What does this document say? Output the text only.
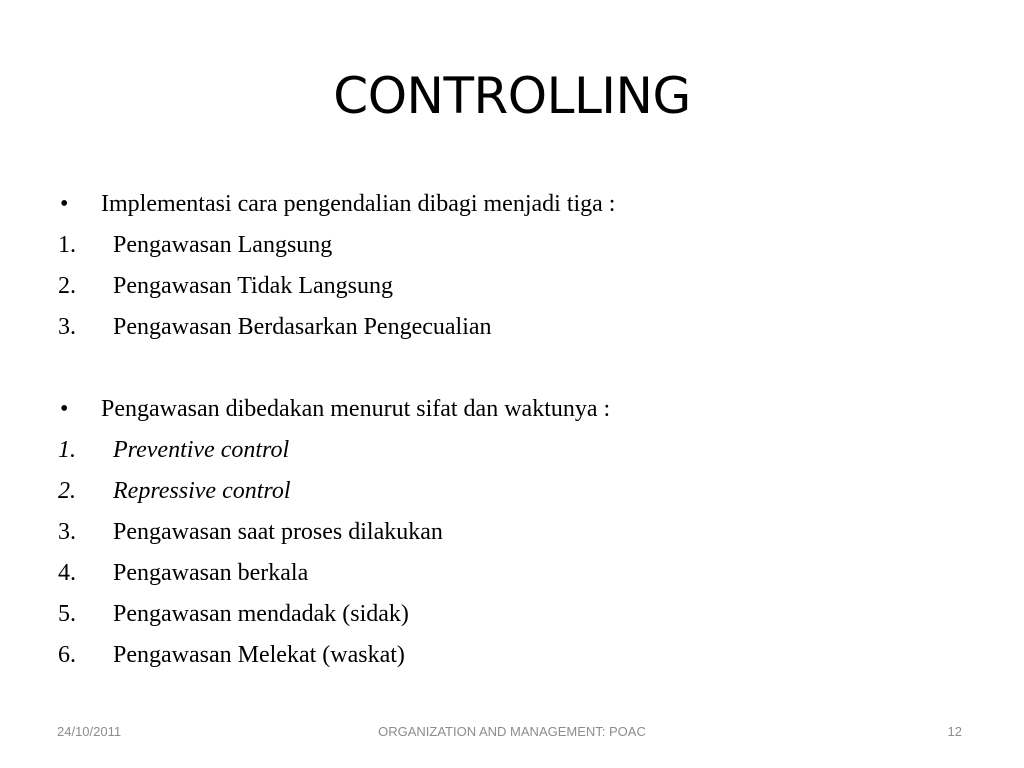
CONTROLLING
• Implementasi cara pengendalian dibagi menjadi tiga :
1. Pengawasan Langsung
2. Pengawasan Tidak Langsung
3. Pengawasan Berdasarkan Pengecualian
• Pengawasan dibedakan menurut sifat dan waktunya :
1. Preventive control
2. Repressive control
3. Pengawasan saat proses dilakukan
4. Pengawasan berkala
5. Pengawasan mendadak (sidak)
6. Pengawasan Melekat (waskat)
24/10/2011	ORGANIZATION AND MANAGEMENT: POAC	12
